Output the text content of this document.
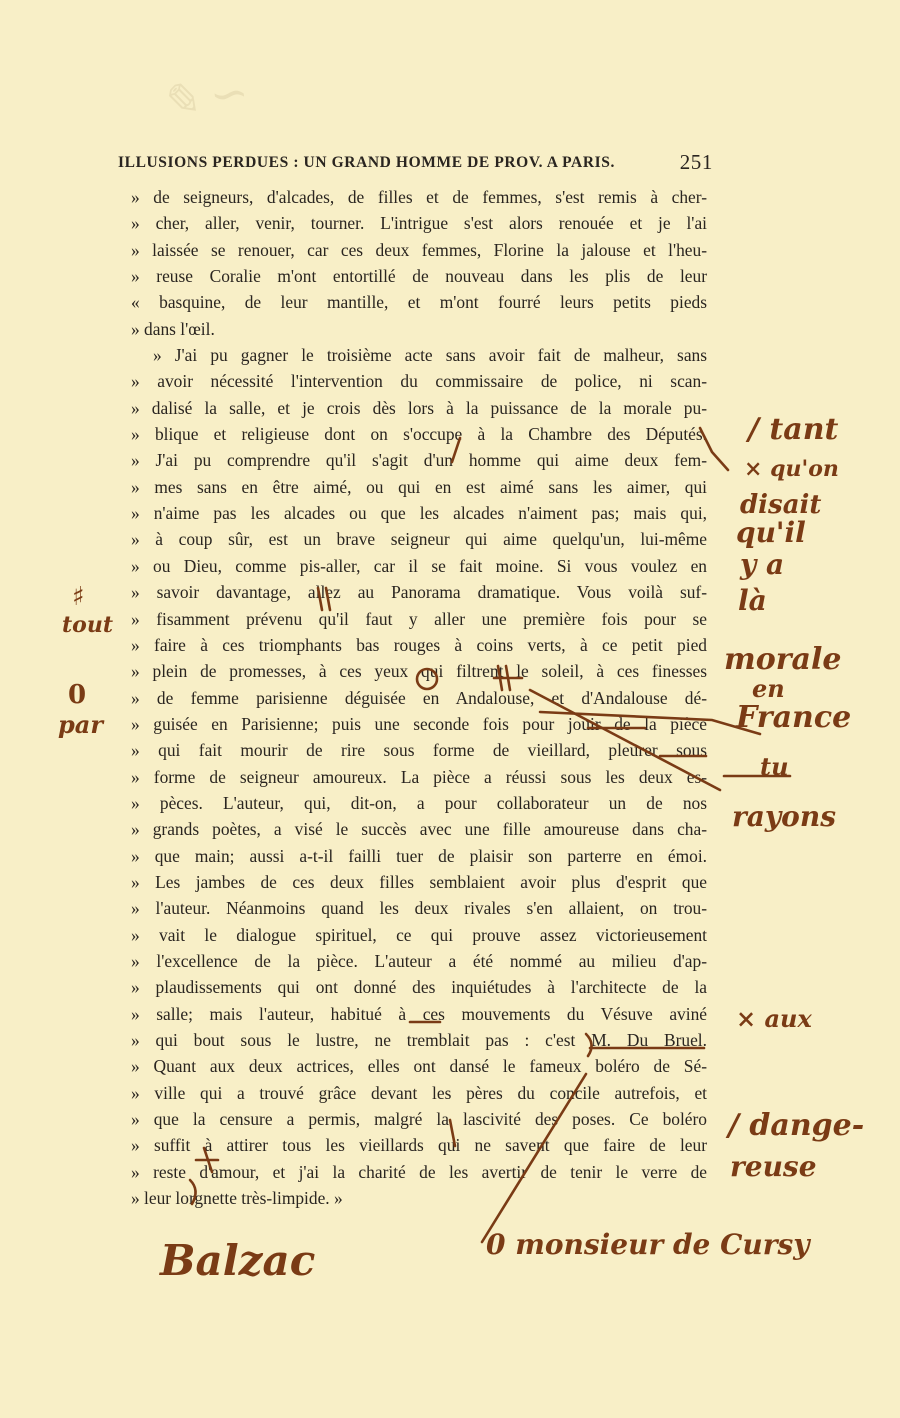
✎ ∽
ILLUSIONS PERDUES : UN GRAND HOMME DE PROV. A PARIS.	251
» de seigneurs, d'alcades, de filles et de femmes, s'est remis à cher-
» cher, aller, venir, tourner. L'intrigue s'est alors renouée et je l'ai
» laissée se renouer, car ces deux femmes, Florine la jalouse et l'heu-
» reuse Coralie m'ont entortillé de nouveau dans les plis de leur
« basquine, de leur mantille, et m'ont fourré leurs petits pieds
» dans l'œil.
» J'ai pu gagner le troisième acte sans avoir fait de malheur, sans
» avoir nécessité l'intervention du commissaire de police, ni scan-
» dalisé la salle, et je crois dès lors à la puissance de la morale pu-
» blique et religieuse dont on s'occupe à la Chambre des Députés.
» J'ai pu comprendre qu'il s'agit d'un homme qui aime deux fem-
» mes sans en être aimé, ou qui en est aimé sans les aimer, qui
» n'aime pas les alcades ou que les alcades n'aiment pas; mais qui,
» à coup sûr, est un brave seigneur qui aime quelqu'un, lui-même
» ou Dieu, comme pis-aller, car il se fait moine. Si vous voulez en
» savoir davantage, allez au Panorama dramatique. Vous voilà suf-
» fisamment prévenu qu'il faut y aller une première fois pour se
» faire à ces triomphants bas rouges à coins verts, à ce petit pied
» plein de promesses, à ces yeux qui filtrent le soleil, à ces finesses
» de femme parisienne déguisée en Andalouse, et d'Andalouse dé-
» guisée en Parisienne; puis une seconde fois pour jouir de la pièce
» qui fait mourir de rire sous forme de vieillard, pleurer sous
» forme de seigneur amoureux. La pièce a réussi sous les deux es-
» pèces. L'auteur, qui, dit-on, a pour collaborateur un de nos
» grands poètes, a visé le succès avec une fille amoureuse dans cha-
» que main; aussi a-t-il failli tuer de plaisir son parterre en émoi.
» Les jambes de ces deux filles semblaient avoir plus d'esprit que
» l'auteur. Néanmoins quand les deux rivales s'en allaient, on trou-
» vait le dialogue spirituel, ce qui prouve assez victorieusement
» l'excellence de la pièce. L'auteur a été nommé au milieu d'ap-
» plaudissements qui ont donné des inquiétudes à l'architecte de la
» salle; mais l'auteur, habitué à ces mouvements du Vésuve aviné
» qui bout sous le lustre, ne tremblait pas : c'est M. Du Bruel.
» Quant aux deux actrices, elles ont dansé le fameux boléro de Sé-
» ville qui a trouvé grâce devant les pères du concile autrefois, et
» que la censure a permis, malgré la lascivité des poses. Ce boléro
» suffit à attirer tous les vieillards qui ne savent que faire de leur
» reste d'amour, et j'ai la charité de les avertir de tenir le verre de
» leur lorgnette très-limpide. »
/ tant
× qu'on
disait
qu'il
y a
là
morale
en
France
tu
rayons
× aux
/ dange-
reuse
♯
tout
0
par
0 monsieur de Cursy
Balzac
